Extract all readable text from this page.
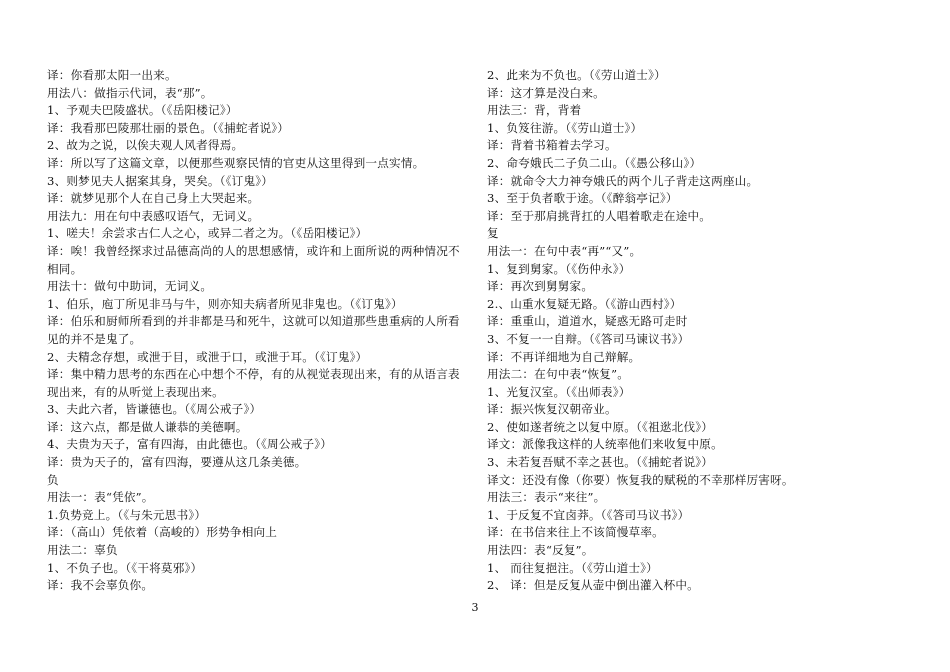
译：你看那太阳一出来。
用法八：做指示代词，表“那”。
1、予观夫巴陵盛状。（《岳阳楼记》）
译：我看那巴陵那壮丽的景色。（《捕蛇者说》）
2、故为之说，以俟夫观人风者得焉。
译：所以写了这篇文章，以便那些观察民情的官吏从这里得到一点实情。
3、则梦见夫人据案其身，哭矣。（《订鬼》）
译：就梦见那个人在自己身上大哭起来。
用法九：用在句中表感叹语气，无词义。
1、嗟夫！余尝求古仁人之心，或异二者之为。（《岳阳楼记》）
译：唉！我曾经探求过品德高尚的人的思想感情，或许和上面所说的两种情况不相同。
用法十：做句中助词，无词义。
1、伯乐，庖丁所见非马与牛，则亦知夫病者所见非鬼也。（《订鬼》）
译：伯乐和厨师所看到的并非都是马和死牛，这就可以知道那些患重病的人所看见的并不是鬼了。
2、夫精念存想，或泄于目，或泄于口，或泄于耳。（《订鬼》）
译：集中精力思考的东西在心中想个不停，有的从视觉表现出来，有的从语言表现出来，有的从听觉上表现出来。
3、夫此六者，皆谦德也。（《周公戒子》）
译：这六点，都是做人谦恭的美德啊。
4、夫贵为天子，富有四海，由此德也。（《周公戒子》）
译：贵为天子的，富有四海，要遵从这几条美德。
负
用法一：表“凭依”。
1.负势竞上。（《与朱元思书》）
译：（高山）凭依着（高峻的）形势争相向上
用法二：辜负
1、不负子也。（《干将莫邪》）
译：我不会辜负你。
2、此来为不负也。（《劳山道士》）
译：这才算是没白来。
用法三：背，背着
1、负笈往游。（《劳山道士》）
译：背着书箱着去学习。
2、命夸娥氏二子负二山。（《愚公移山》）
译：就命令大力神夸娥氏的两个儿子背走这两座山。
3、至于负者歌于途。（《醉翁亭记》）
译：至于那肩挑背扛的人唱着歌走在途中。
复
用法一：在句中表“再”“又”。
1、复到舅家。（《伤仲永》）
译：再次到舅舅家。
2.、山重水复疑无路。（《游山西村》）
译：重重山，道道水，疑惑无路可走时
3、不复一一自辩。（《答司马谏议书》）
译：不再详细地为自己辩解。
用法二：在句中表“恢复”。
1、光复汉室。（《出师表》）
译：振兴恢复汉朝帝业。
2、使如遂者统之以复中原。（《祖逖北伐》）
译文：派像我这样的人统率他们来收复中原。
3、未若复吾赋不幸之甚也。（《捕蛇者说》）
译文：还没有像（你要）恢复我的赋税的不幸那样厉害呀。
用法三：表示“来往”。
1、于反复不宜卤莽。（《答司马议书》）
译：在书信来往上不该简慢草率。
用法四：表“反复”。
1、 而往复挹注。（《劳山道士》）
2、 译：但是反复从壶中倒出灌入杯中。
3
